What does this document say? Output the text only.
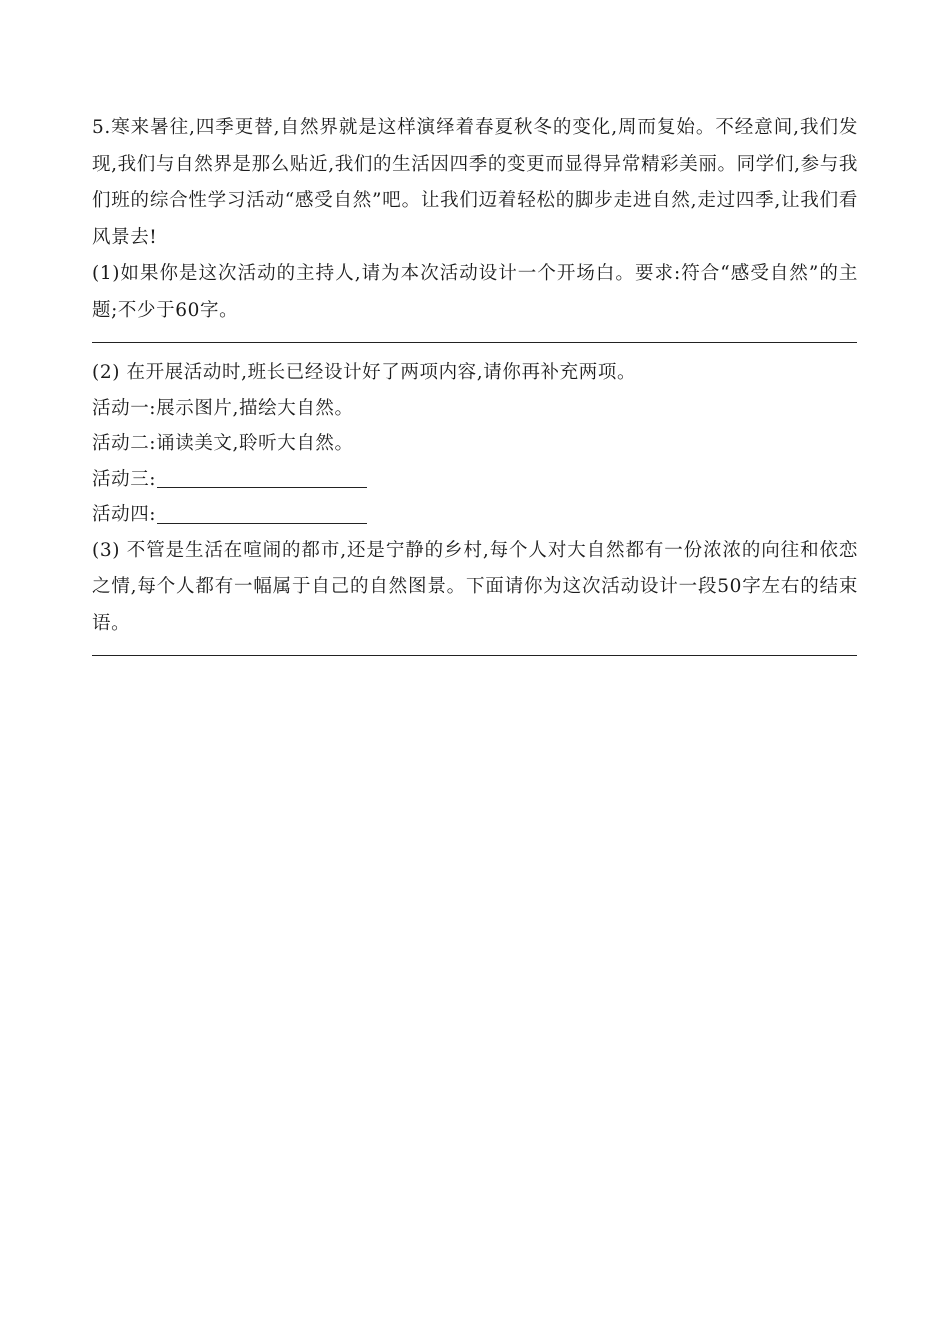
5.寒来暑往,四季更替,自然界就是这样演绎着春夏秋冬的变化,周而复始。不经意间,我们发现,我们与自然界是那么贴近,我们的生活因四季的变更而显得异常精彩美丽。同学们,参与我们班的综合性学习活动“感受自然”吧。让我们迈着轻松的脚步走进自然,走过四季,让我们看风景去!

(1)如果你是这次活动的主持人,请为本次活动设计一个开场白。要求:符合“感受自然”的主题;不少于60字。

(2) 在开展活动时,班长已经设计好了两项内容,请你再补充两项。

活动一:展示图片,描绘大自然。

活动二:诵读美文,聆听大自然。

活动三:
活动四:

(3) 不管是生活在喧闹的都市,还是宁静的乡村,每个人对大自然都有一份浓浓的向往和依恋之情,每个人都有一幅属于自己的自然图景。下面请你为这次活动设计一段50字左右的结束语。
